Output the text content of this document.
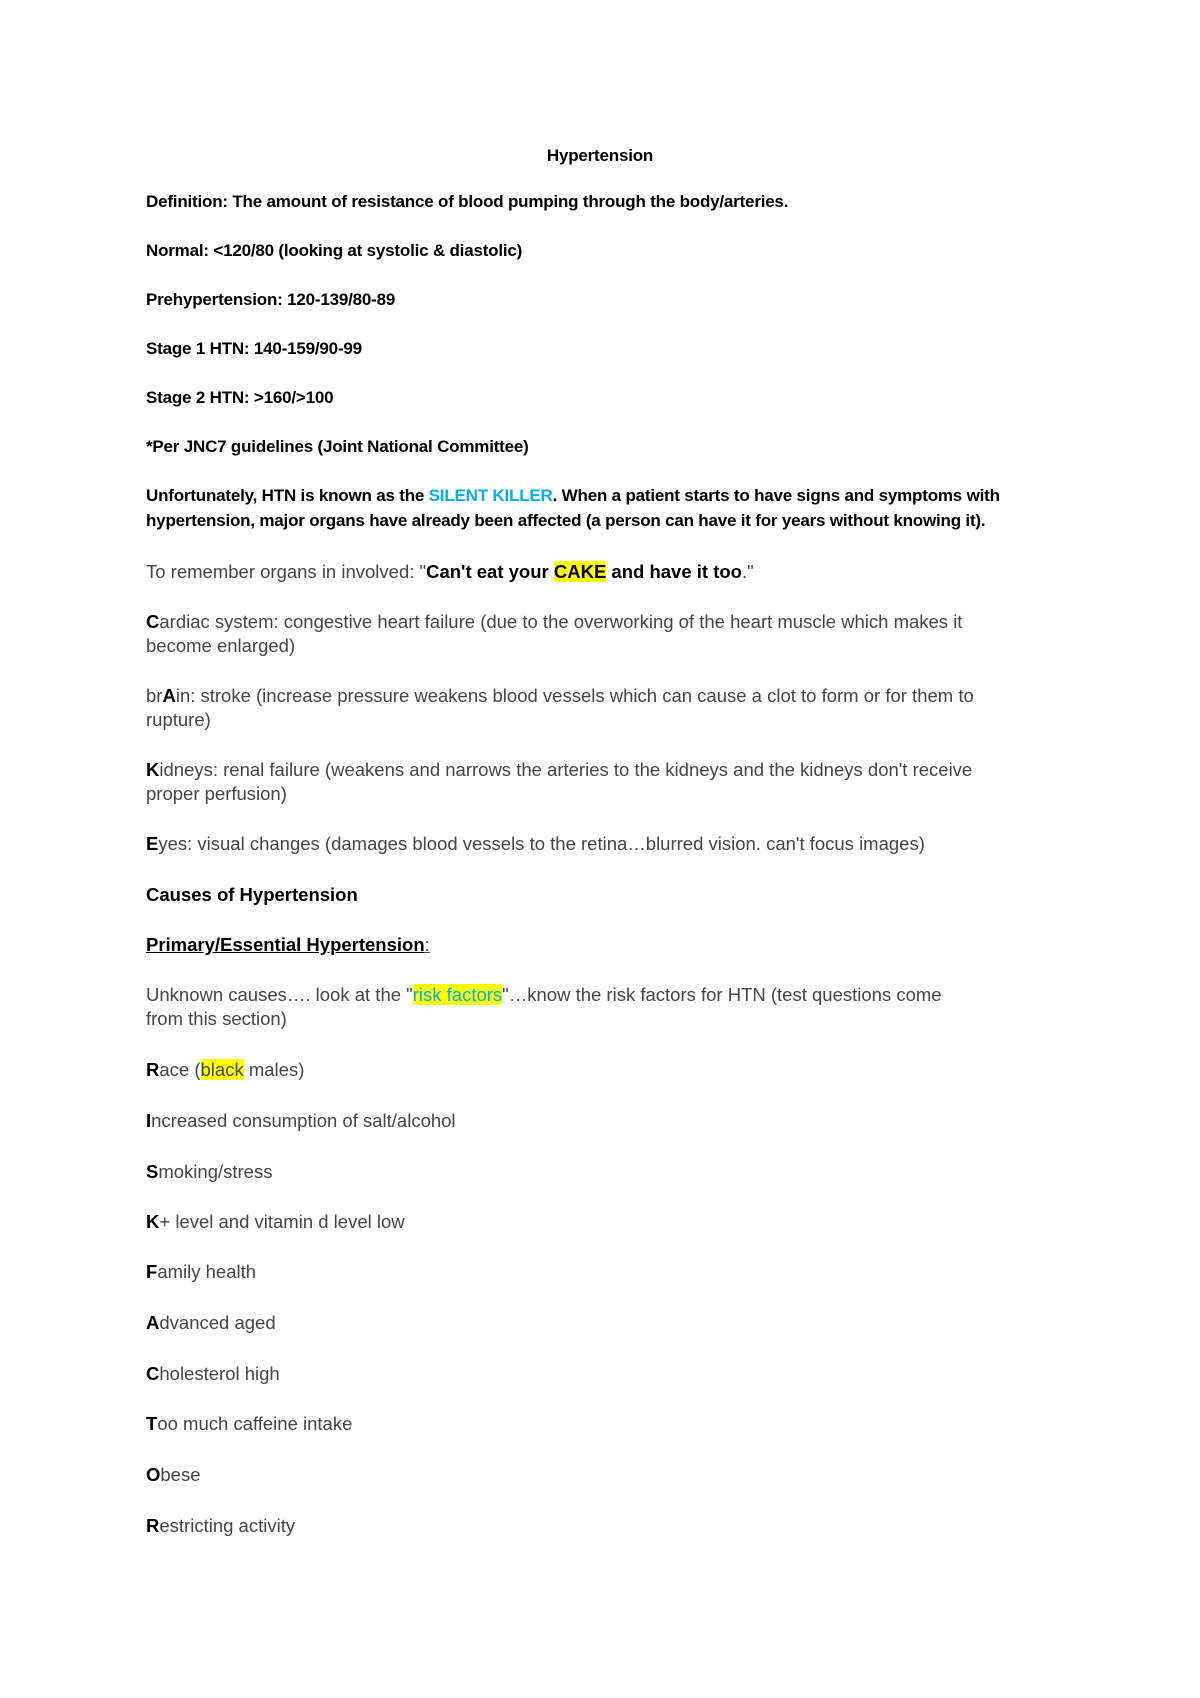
Hypertension

Definition: The amount of resistance of blood pumping through the body/arteries.

Normal: <120/80 (looking at systolic & diastolic)

Prehypertension: 120-139/80-89

Stage 1 HTN: 140-159/90-99

Stage 2 HTN: >160/>100

*Per JNC7 guidelines (Joint National Committee)

Unfortunately, HTN is known as the SILENT KILLER. When a patient starts to have signs and symptoms with

hypertension, major organs have already been affected (a person can have it for years without knowing it).

To remember organs in involved: "Can't eat your CAKE and have it too."

Cardiac system: congestive heart failure (due to the overworking of the heart muscle which makes it

become enlarged)

brAin: stroke (increase pressure weakens blood vessels which can cause a clot to form or for them to

rupture)

Kidneys: renal failure (weakens and narrows the arteries to the kidneys and the kidneys don't receive

proper perfusion)

Eyes: visual changes (damages blood vessels to the retina…blurred vision. can't focus images)

Causes of Hypertension

Primary/Essential Hypertension:

Unknown causes…. look at the "risk factors"…know the risk factors for HTN (test questions come

from this section)

Race (black males)

Increased consumption of salt/alcohol

Smoking/stress

K+ level and vitamin d level low

Family health

Advanced aged

Cholesterol high

Too much caffeine intake

Obese

Restricting activity
